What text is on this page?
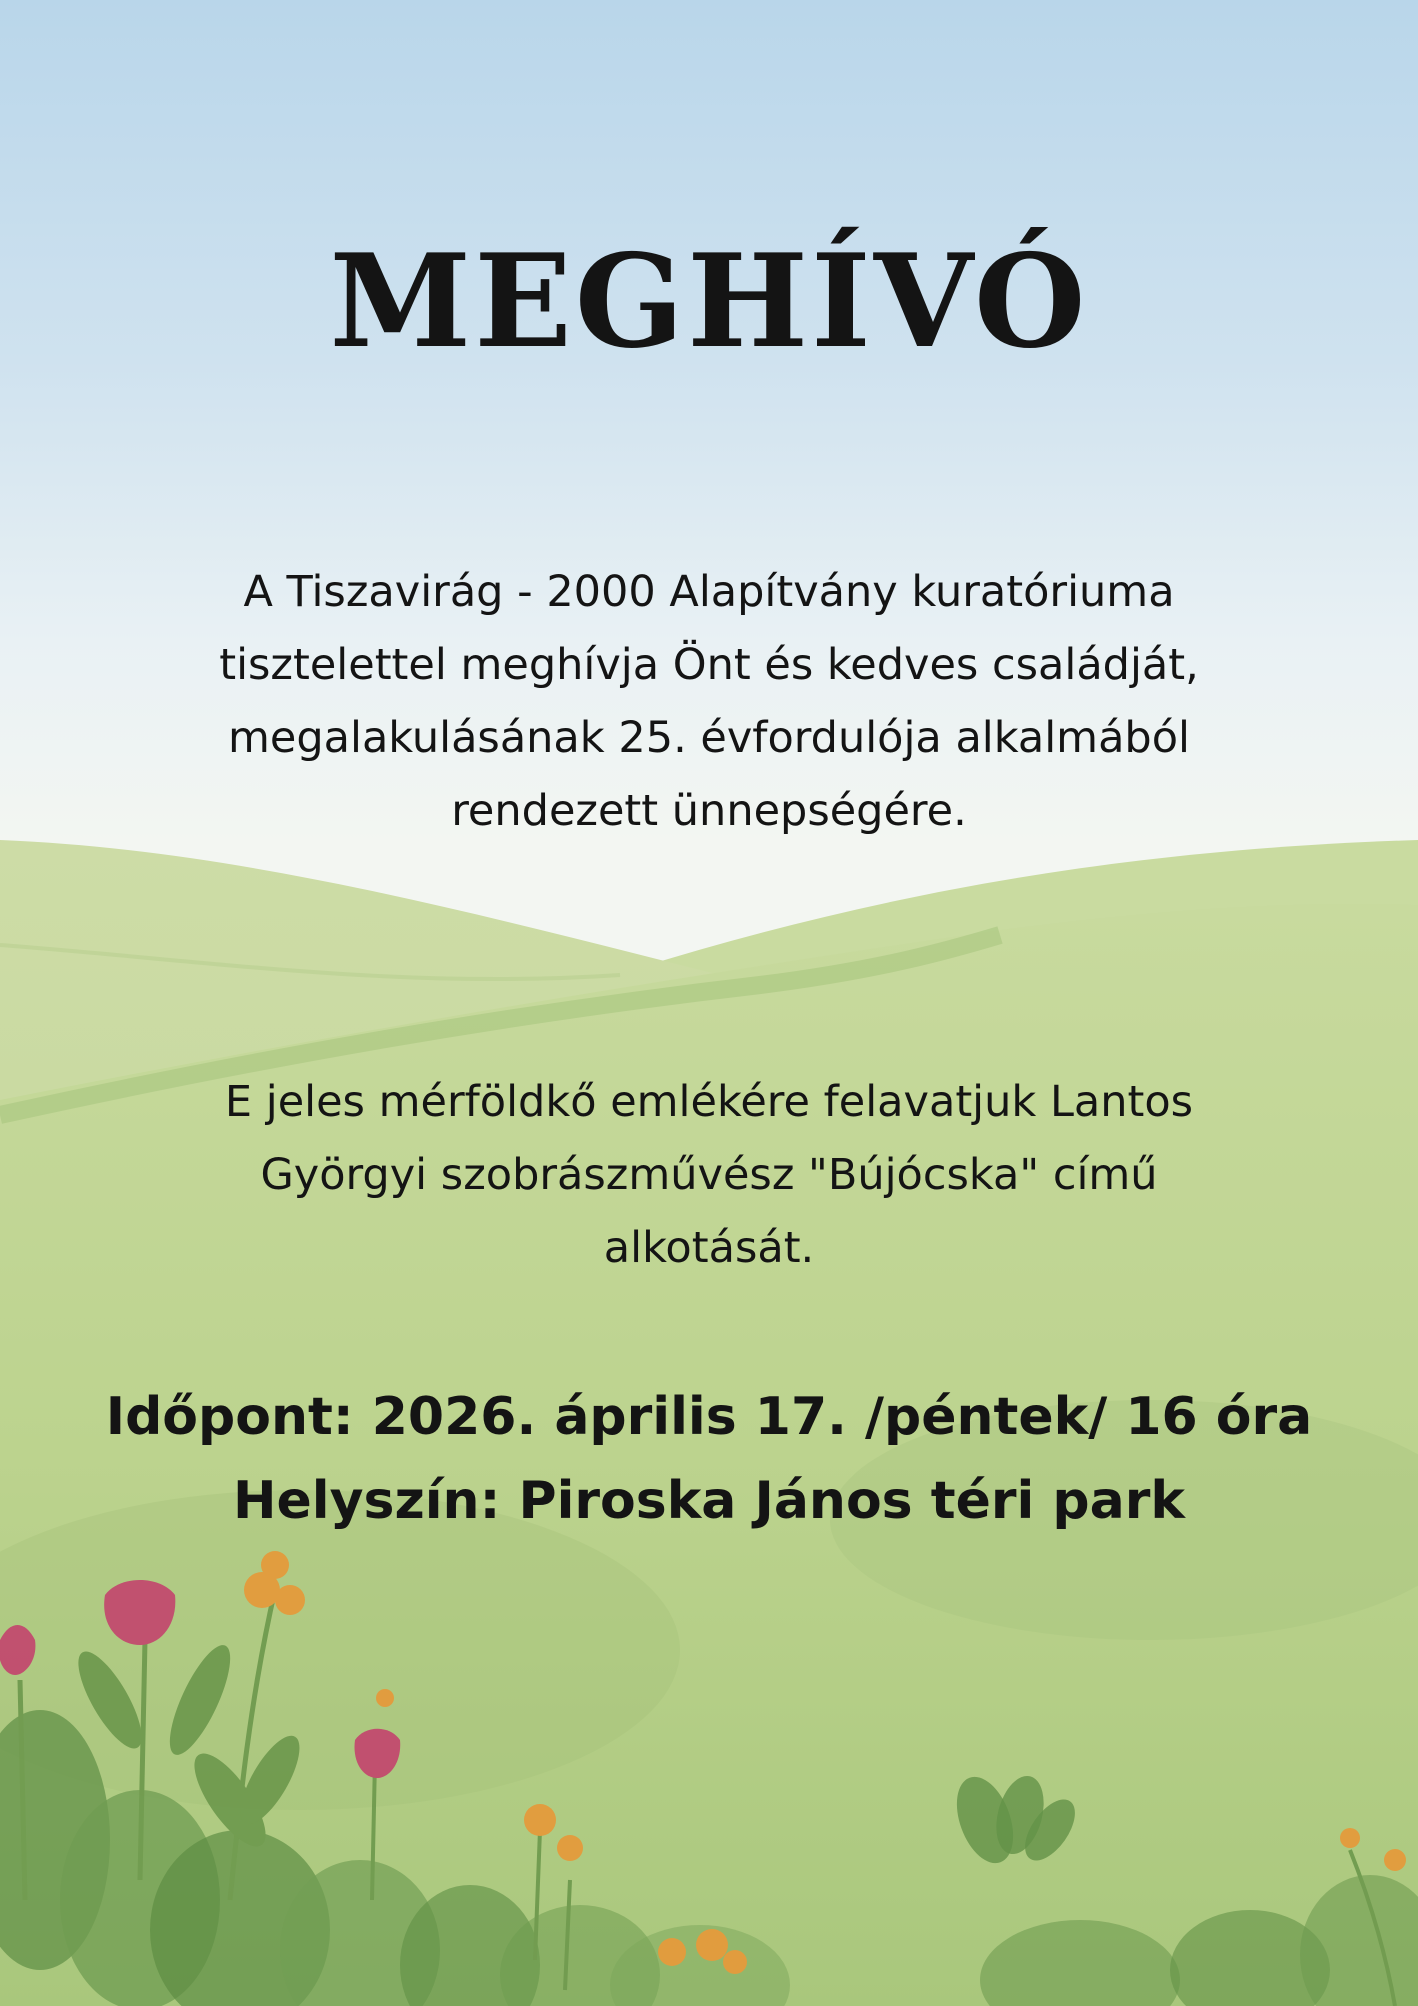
MEGHÍVÓ
A Tiszavirág - 2000 Alapítvány kuratóriuma
tisztelettel meghívja Önt és kedves családját,
megalakulásának 25. évfordulója alkalmából
rendezett ünnepségére.
E jeles mérföldkő emlékére felavatjuk Lantos
Györgyi szobrászművész "Bújócska" című
alkotását.
Időpont: 2026. április 17. /péntek/ 16 óra
Helyszín: Piroska János téri park
